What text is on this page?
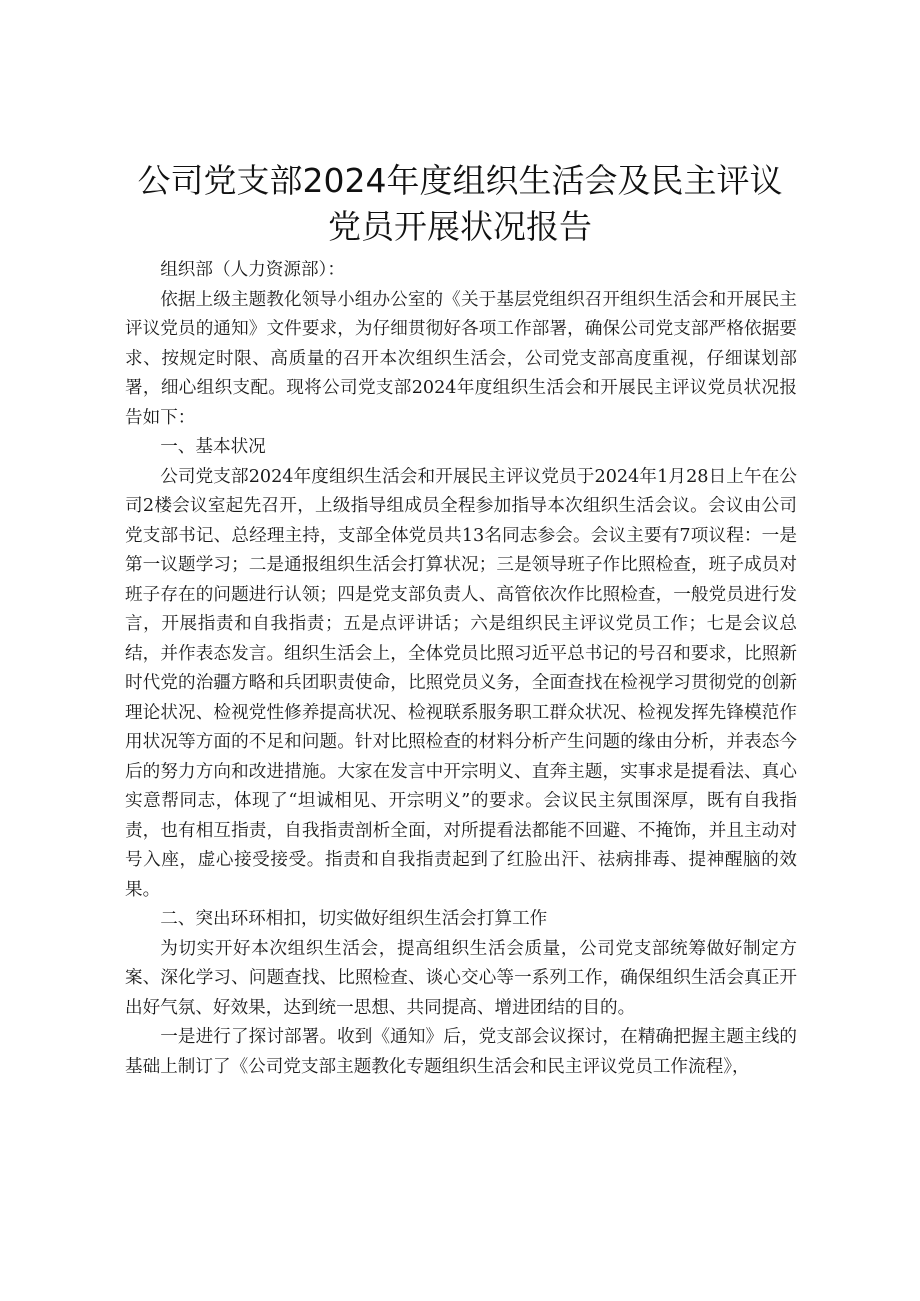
公司党支部2024年度组织生活会及民主评议
党员开展状况报告

组织部（人力资源部）：

依据上级主题教化领导小组办公室的《关于基层党组织召开组织生活会和开展民主评议党员的通知》文件要求，为仔细贯彻好各项工作部署，确保公司党支部严格依据要求、按规定时限、高质量的召开本次组织生活会，公司党支部高度重视，仔细谋划部署，细心组织支配。现将公司党支部2024年度组织生活会和开展民主评议党员状况报告如下：

一、基本状况

公司党支部2024年度组织生活会和开展民主评议党员于2024年1月28日上午在公司2楼会议室起先召开，上级指导组成员全程参加指导本次组织生活会议。会议由公司党支部书记、总经理主持，支部全体党员共13名同志参会。会议主要有7项议程：一是第一议题学习；二是通报组织生活会打算状况；三是领导班子作比照检查，班子成员对班子存在的问题进行认领；四是党支部负责人、高管依次作比照检查，一般党员进行发言，开展指责和自我指责；五是点评讲话；六是组织民主评议党员工作；七是会议总结，并作表态发言。组织生活会上，全体党员比照习近平总书记的号召和要求，比照新时代党的治疆方略和兵团职责使命，比照党员义务，全面查找在检视学习贯彻党的创新理论状况、检视党性修养提高状况、检视联系服务职工群众状况、检视发挥先锋模范作用状况等方面的不足和问题。针对比照检查的材料分析产生问题的缘由分析，并表态今后的努力方向和改进措施。大家在发言中开宗明义、直奔主题，实事求是提看法、真心实意帮同志，体现了“坦诚相见、开宗明义”的要求。会议民主氛围深厚，既有自我指责，也有相互指责，自我指责剖析全面，对所提看法都能不回避、不掩饰，并且主动对号入座，虚心接受接受。指责和自我指责起到了红脸出汗、祛病排毒、提神醒脑的效果。

二、突出环环相扣，切实做好组织生活会打算工作

为切实开好本次组织生活会，提高组织生活会质量，公司党支部统筹做好制定方案、深化学习、问题查找、比照检查、谈心交心等一系列工作，确保组织生活会真正开出好气氛、好效果，达到统一思想、共同提高、增进团结的目的。

一是进行了探讨部署。收到《通知》后，党支部会议探讨，在精确把握主题主线的基础上制订了《公司党支部主题教化专题组织生活会和民主评议党员工作流程》，
